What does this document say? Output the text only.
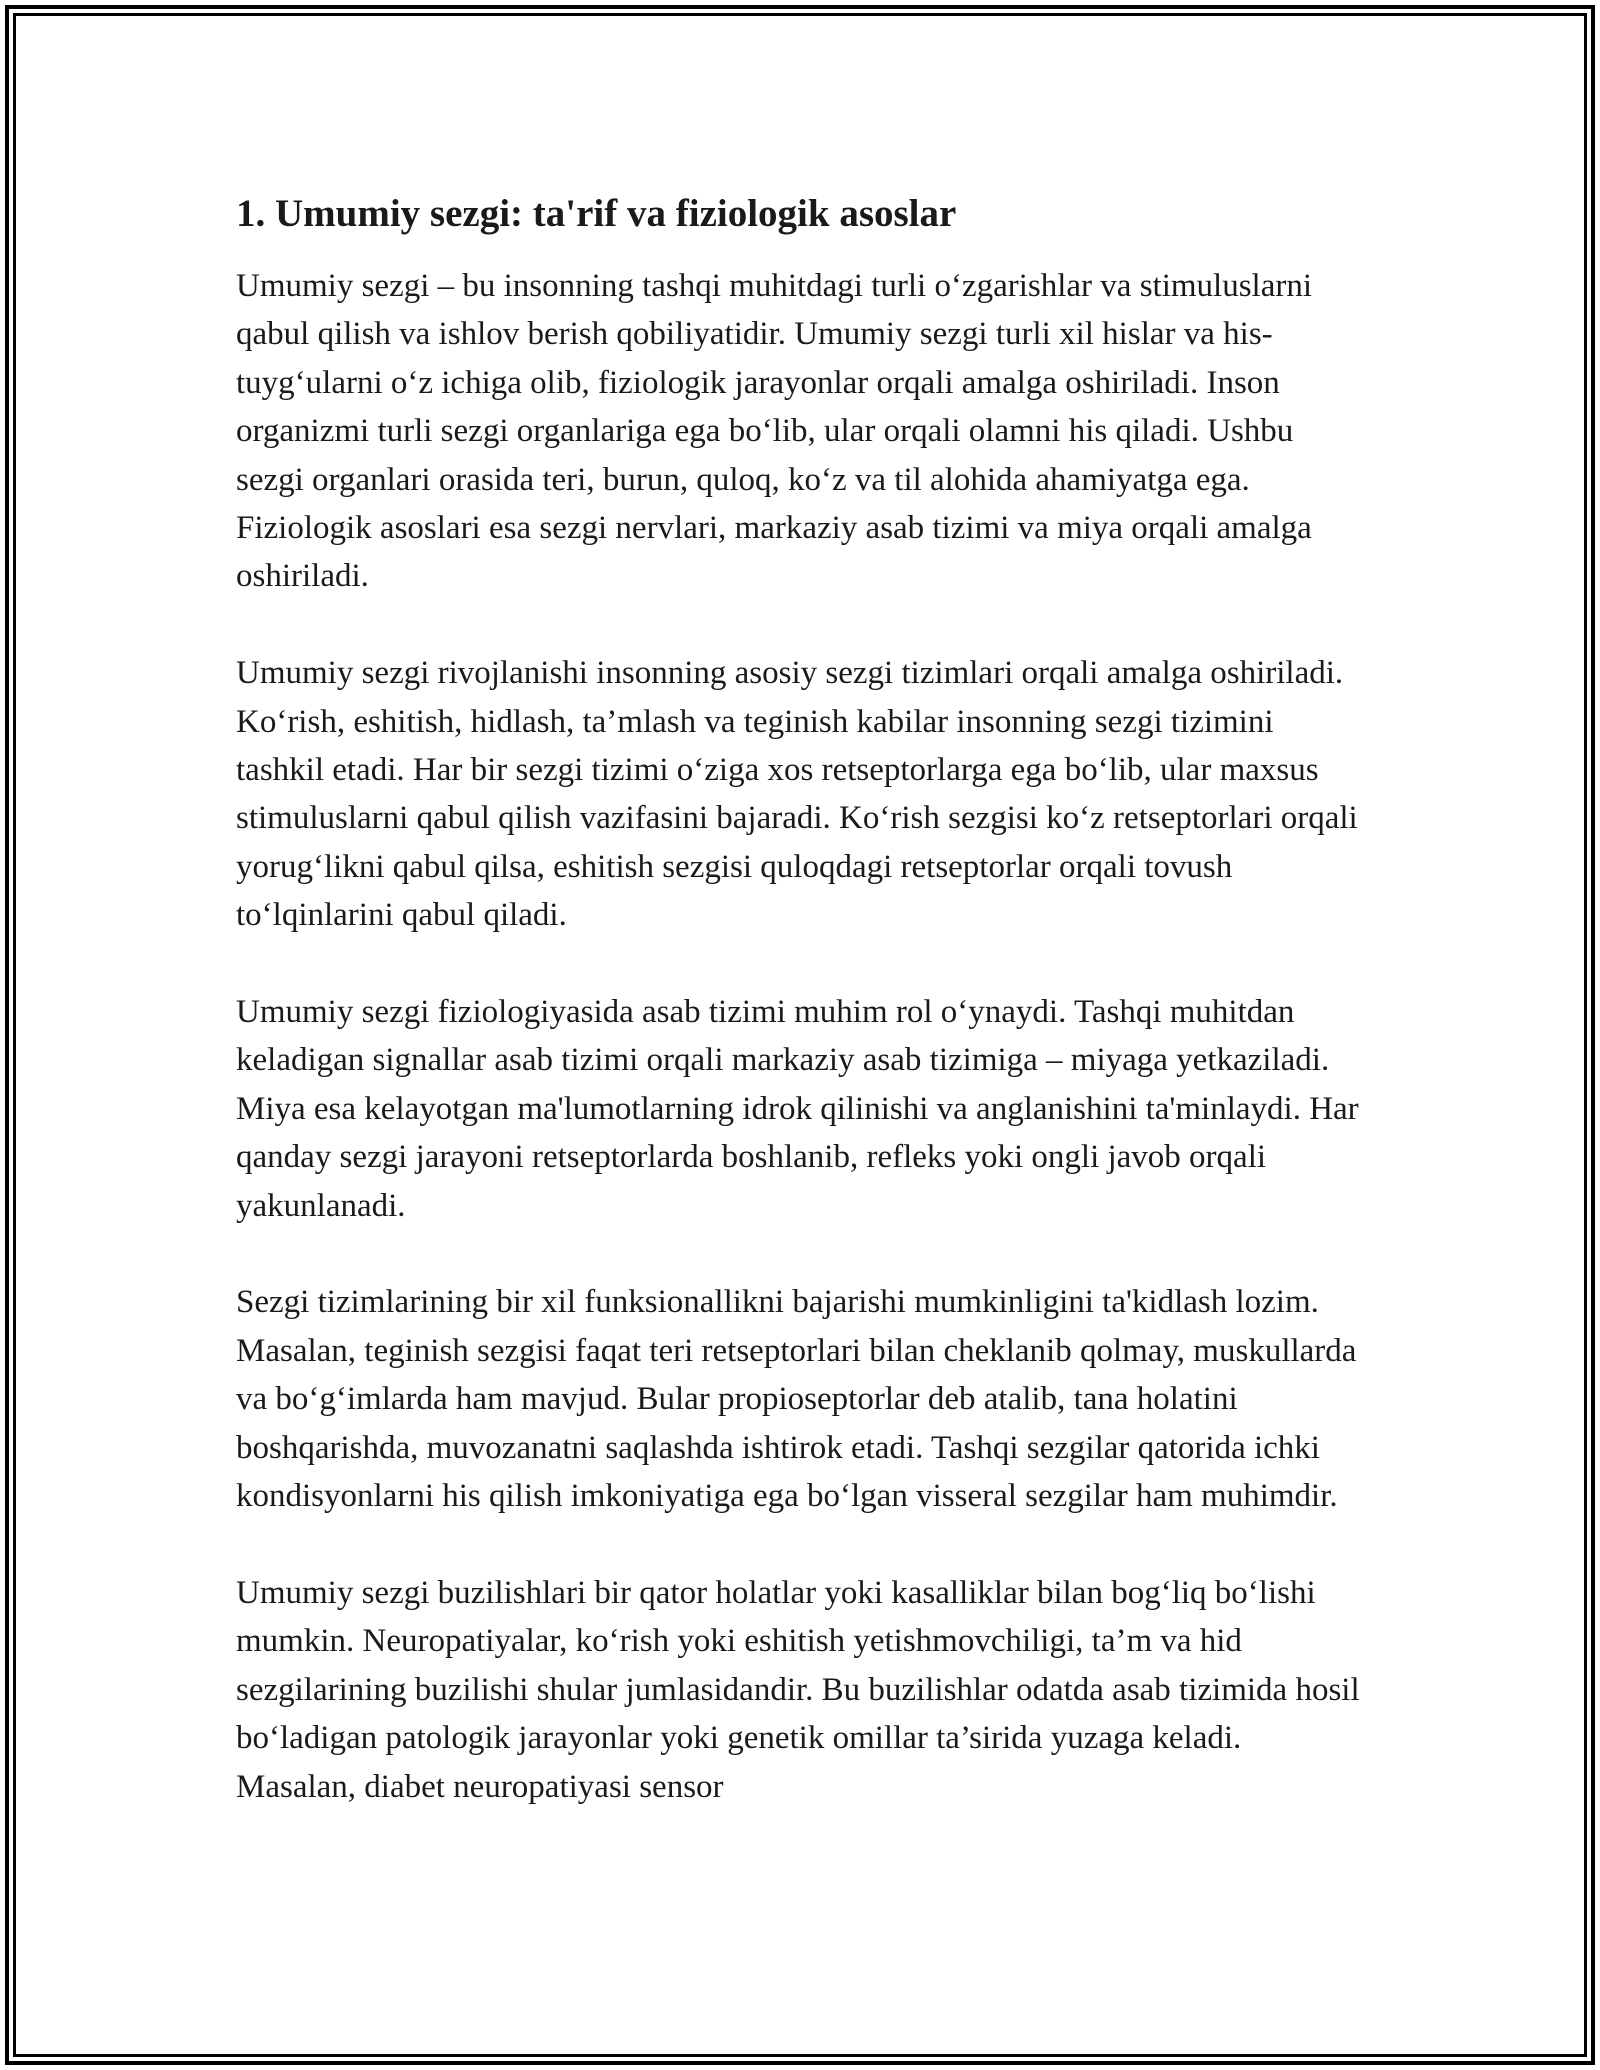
1. Umumiy sezgi: ta'rif va fiziologik asoslar

Umumiy sezgi – bu insonning tashqi muhitdagi turli o‘zgarishlar va stimuluslarni qabul qilish va ishlov berish qobiliyatidir. Umumiy sezgi turli xil hislar va his-tuyg‘ularni o‘z ichiga olib, fiziologik jarayonlar orqali amalga oshiriladi. Inson organizmi turli sezgi organlariga ega bo‘lib, ular orqali olamni his qiladi. Ushbu sezgi organlari orasida teri, burun, quloq, ko‘z va til alohida ahamiyatga ega. Fiziologik asoslari esa sezgi nervlari, markaziy asab tizimi va miya orqali amalga oshiriladi.

Umumiy sezgi rivojlanishi insonning asosiy sezgi tizimlari orqali amalga oshiriladi. Ko‘rish, eshitish, hidlash, ta’mlash va teginish kabilar insonning sezgi tizimini tashkil etadi. Har bir sezgi tizimi o‘ziga xos retseptorlarga ega bo‘lib, ular maxsus stimuluslarni qabul qilish vazifasini bajaradi. Ko‘rish sezgisi ko‘z retseptorlari orqali yorug‘likni qabul qilsa, eshitish sezgisi quloqdagi retseptorlar orqali tovush to‘lqinlarini qabul qiladi.

Umumiy sezgi fiziologiyasida asab tizimi muhim rol o‘ynaydi. Tashqi muhitdan keladigan signallar asab tizimi orqali markaziy asab tizimiga – miyaga yetkaziladi. Miya esa kelayotgan ma'lumotlarning idrok qilinishi va anglanishini ta'minlaydi. Har qanday sezgi jarayoni retseptorlarda boshlanib, refleks yoki ongli javob orqali yakunlanadi.

Sezgi tizimlarining bir xil funksionallikni bajarishi mumkinligini ta'kidlash lozim. Masalan, teginish sezgisi faqat teri retseptorlari bilan cheklanib qolmay, muskullarda va bo‘g‘imlarda ham mavjud. Bular propioseptorlar deb atalib, tana holatini boshqarishda, muvozanatni saqlashda ishtirok etadi. Tashqi sezgilar qatorida ichki kondisyonlarni his qilish imkoniyatiga ega bo‘lgan visseral sezgilar ham muhimdir.

Umumiy sezgi buzilishlari bir qator holatlar yoki kasalliklar bilan bog‘liq bo‘lishi mumkin. Neuropatiyalar, ko‘rish yoki eshitish yetishmovchiligi, ta’m va hid sezgilarining buzilishi shular jumlasidandir. Bu buzilishlar odatda asab tizimida hosil bo‘ladigan patologik jarayonlar yoki genetik omillar ta’sirida yuzaga keladi. Masalan, diabet neuropatiyasi sensor
